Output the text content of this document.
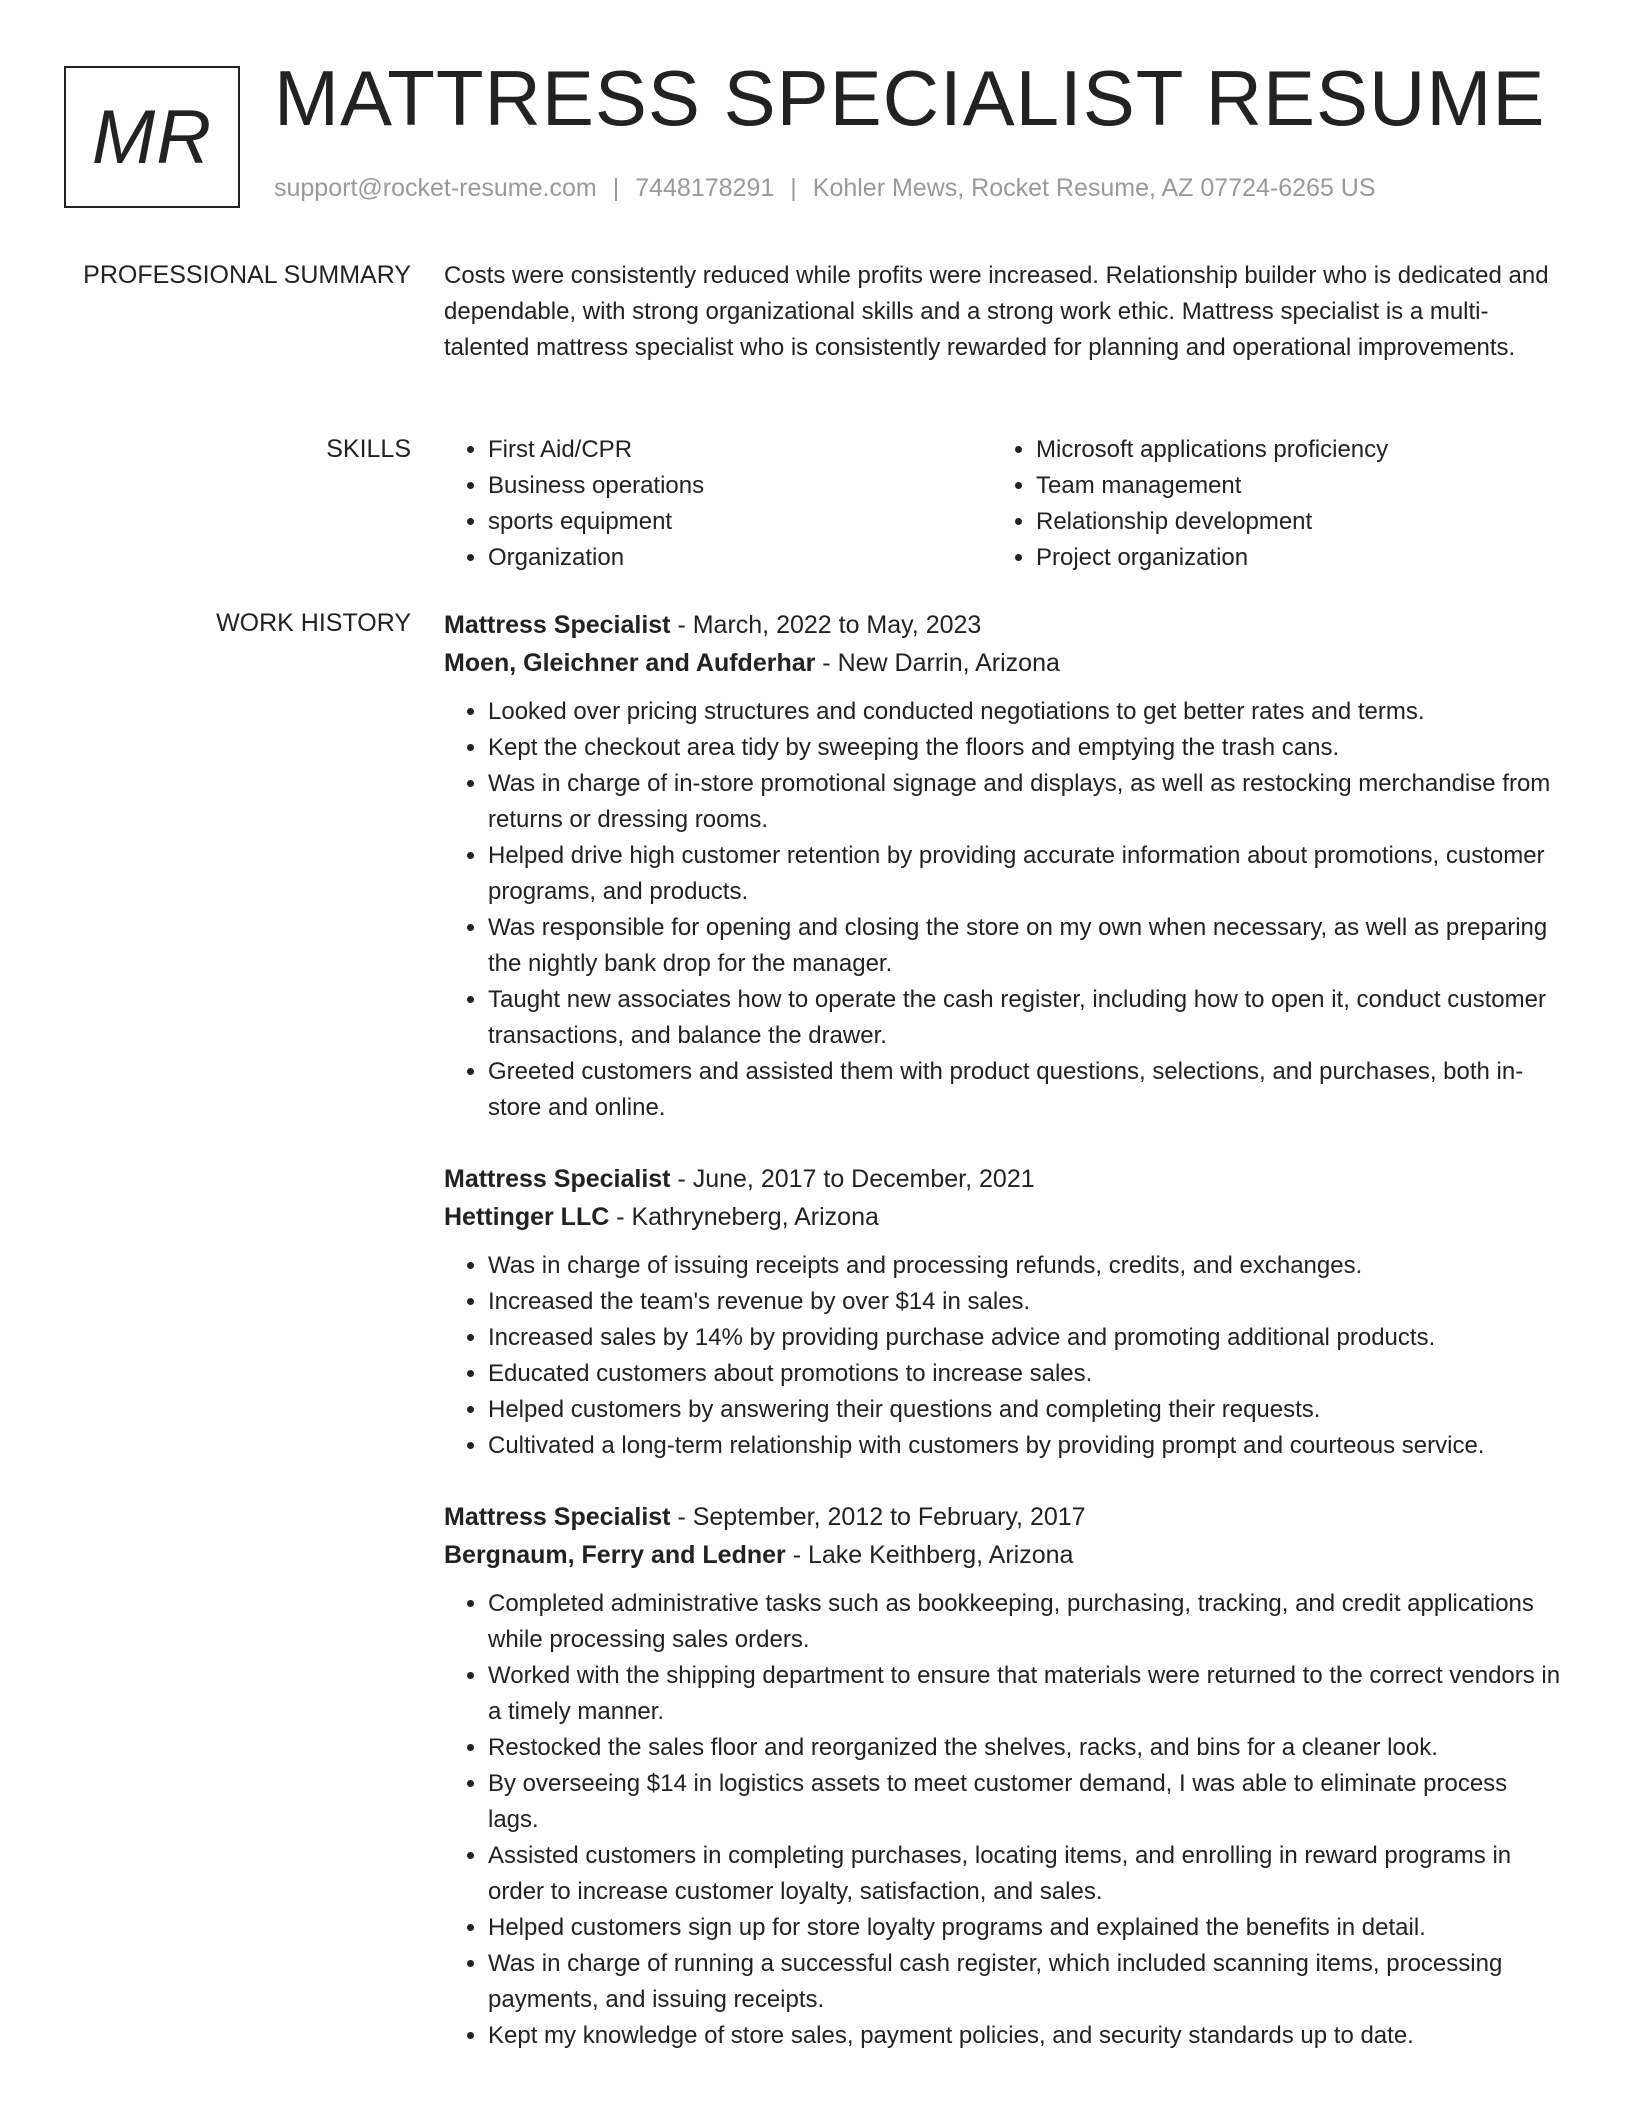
MR MATTRESS SPECIALIST RESUME
support@rocket-resume.com | 7448178291 | Kohler Mews, Rocket Resume, AZ 07724-6265 US
PROFESSIONAL SUMMARY Costs were consistently reduced while profits were increased. Relationship builder who is dedicated and dependable, with strong organizational skills and a strong work ethic. Mattress specialist is a multi-talented mattress specialist who is consistently rewarded for planning and operational improvements.

SKILLS
•	First Aid/CPR
• Business operations
• sports equipment
• Organization
• Microsoft applications proficiency
• Team management
• Relationship development
• Project organization
WORK HISTORY Mattress Specialist - March, 2022 to May, 2023
Moen, Gleichner and Aufderhar - New Darrin, Arizona
• Looked over pricing structures and conducted negotiations to get better rates and terms.
• Kept the checkout area tidy by sweeping the floors and emptying the trash cans.
• Was in charge of in-store promotional signage and displays, as well as restocking merchandise from returns or dressing rooms.
• Helped drive high customer retention by providing accurate information about promotions, customer programs, and products.
• Was responsible for opening and closing the store on my own when necessary, as well as preparing the nightly bank drop for the manager.
• Taught new associates how to operate the cash register, including how to open it, conduct customer transactions, and balance the drawer.
• Greeted customers and assisted them with product questions, selections, and purchases, both in-store and online.
Mattress Specialist - June, 2017 to December, 2021
Hettinger LLC - Kathryneberg, Arizona
• Was in charge of issuing receipts and processing refunds, credits, and exchanges.
• Increased the team's revenue by over $14 in sales.
• Increased sales by 14% by providing purchase advice and promoting additional products.
• Educated customers about promotions to increase sales.
• Helped customers by answering their questions and completing their requests.
• Cultivated a long-term relationship with customers by providing prompt and courteous service.
Mattress Specialist - September, 2012 to February, 2017
Bergnaum, Ferry and Ledner - Lake Keithberg, Arizona
• Completed administrative tasks such as bookkeeping, purchasing, tracking, and credit applications while processing sales orders.
• Worked with the shipping department to ensure that materials were returned to the correct vendors in a timely manner.
• Restocked the sales floor and reorganized the shelves, racks, and bins for a cleaner look.
• By overseeing $14 in logistics assets to meet customer demand, I was able to eliminate process lags.
• Assisted customers in completing purchases, locating items, and enrolling in reward programs in order to increase customer loyalty, satisfaction, and sales.
• Helped customers sign up for store loyalty programs and explained the benefits in detail.
• Was in charge of running a successful cash register, which included scanning items, processing payments, and issuing receipts.
• Kept my knowledge of store sales, payment policies, and security standards up to date.
